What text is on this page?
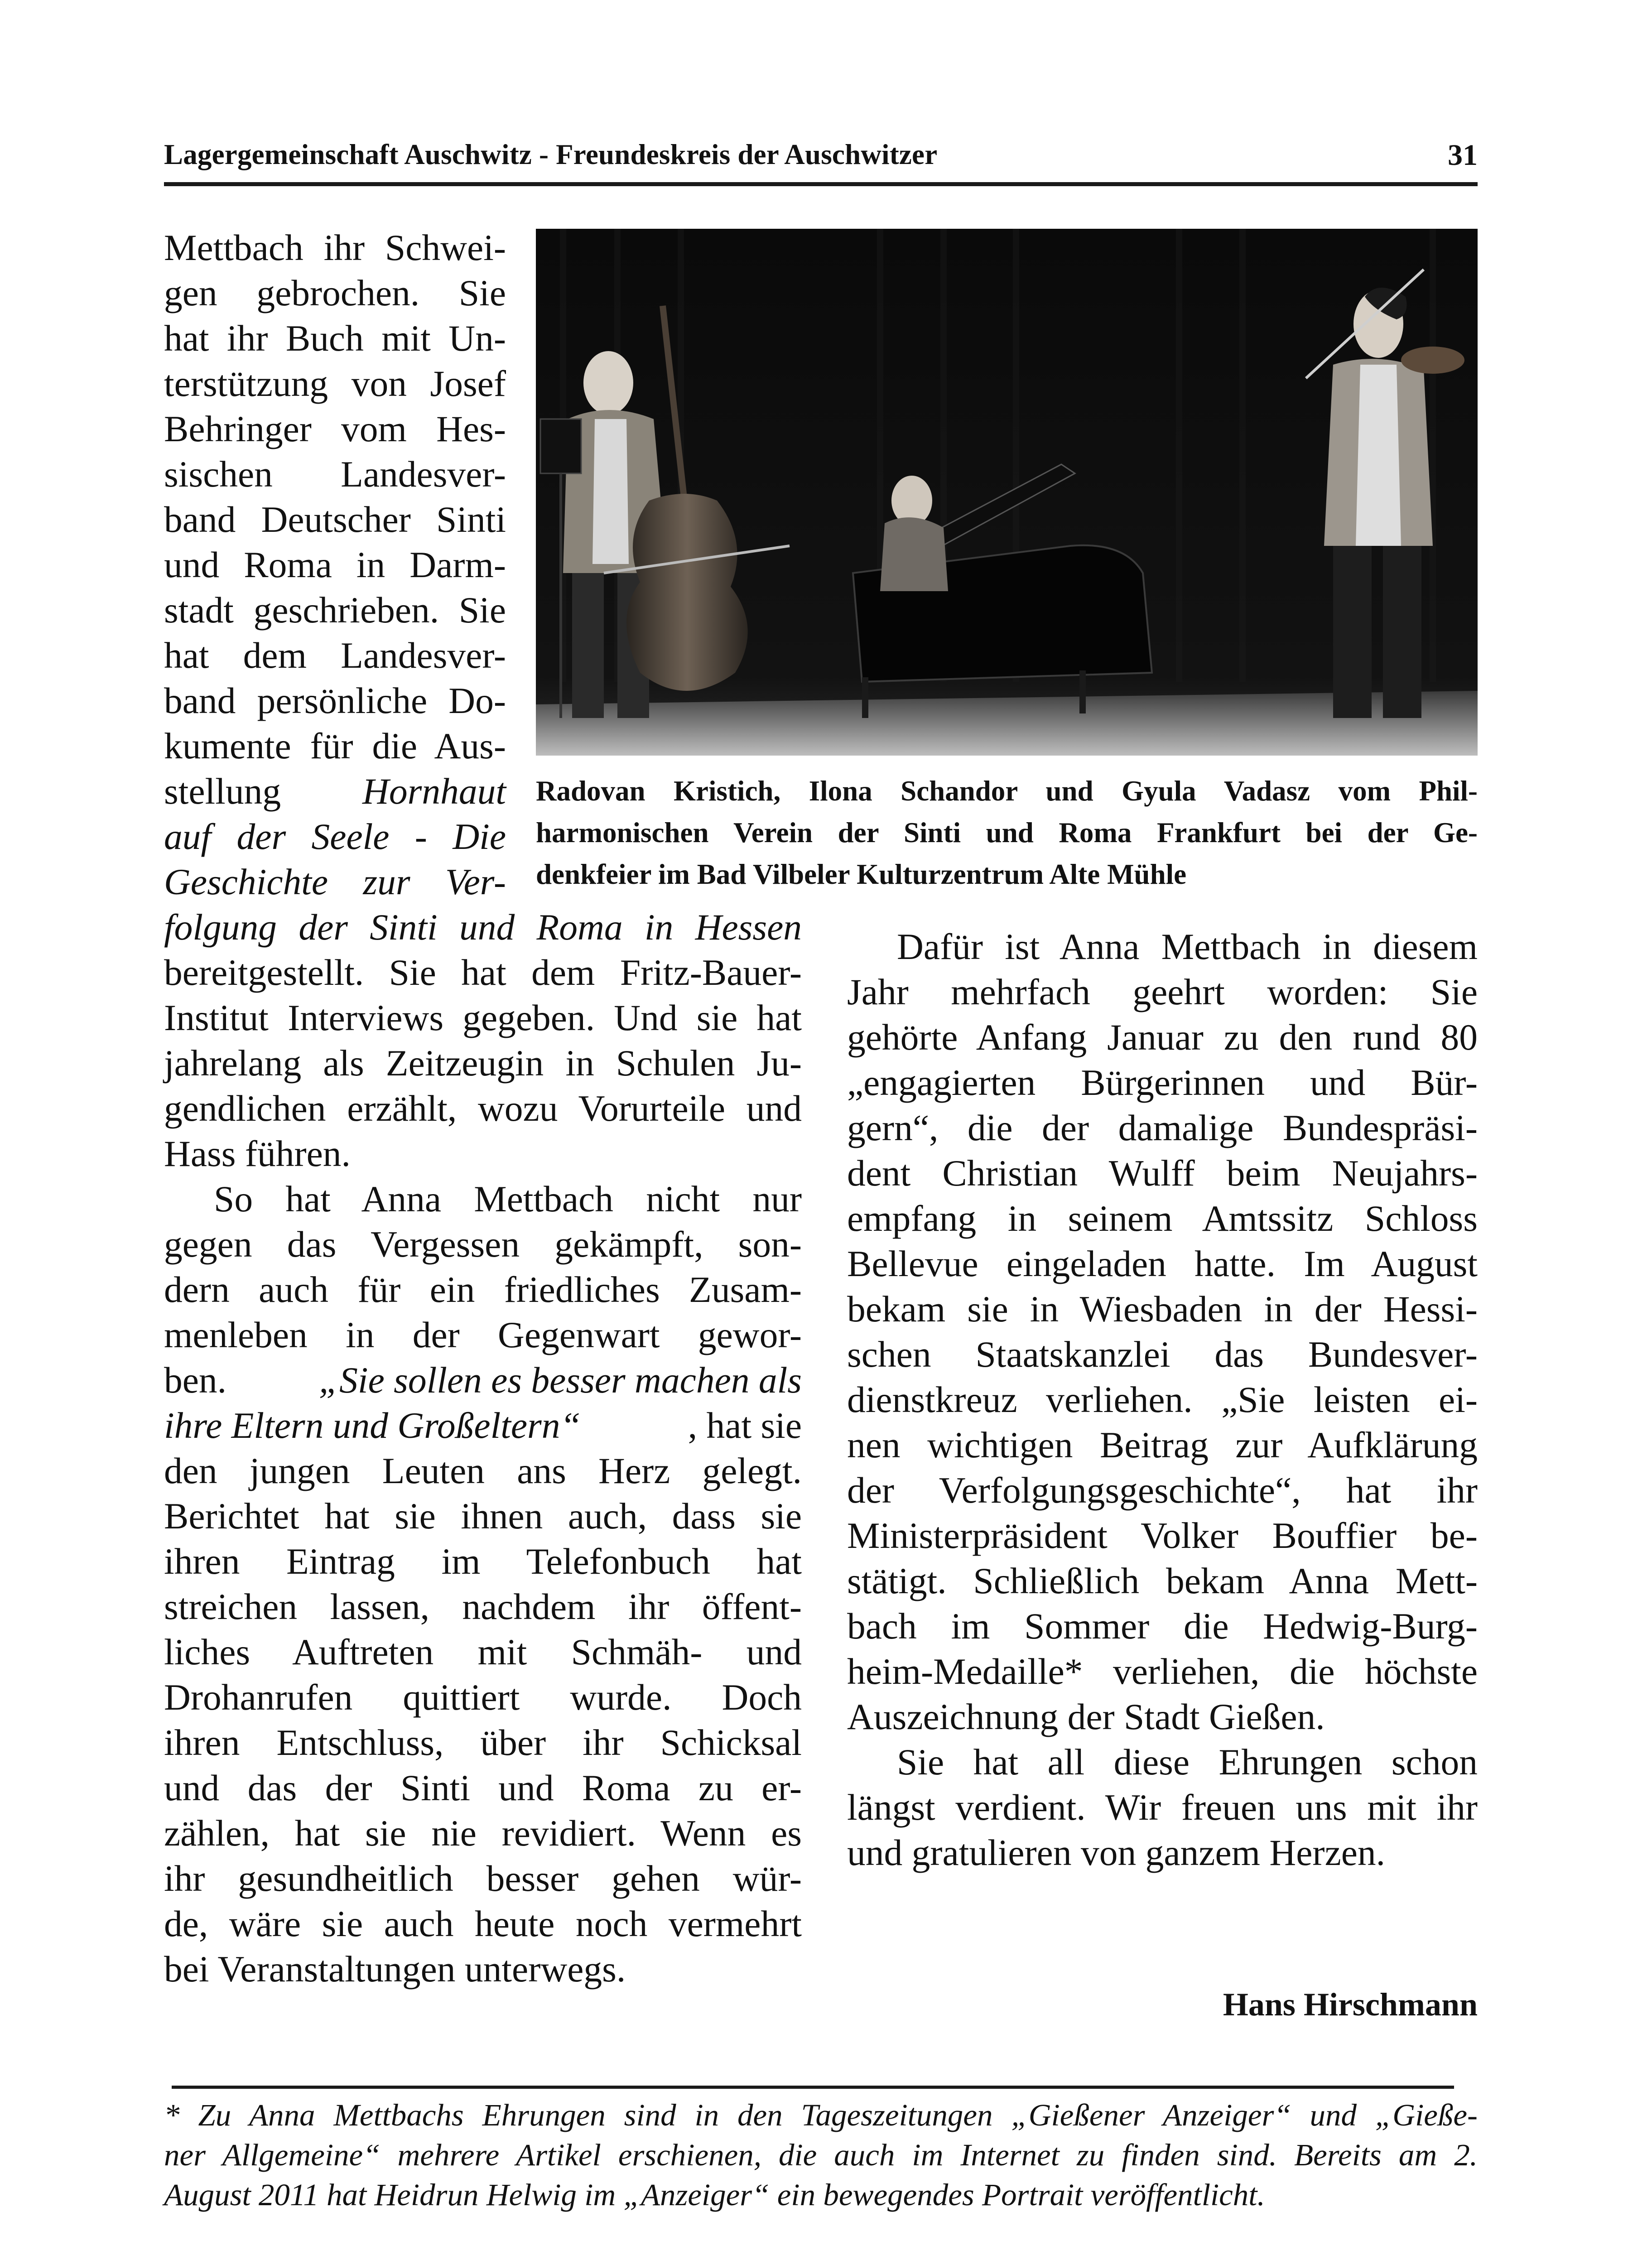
Lagergemeinschaft Auschwitz - Freundeskreis der Auschwitzer	31
Radovan Kristich, Ilona Schandor und Gyula Vadasz vom Phil-
harmonischen Verein der Sinti und Roma Frankfurt bei der Ge-
denkfeier im Bad Vilbeler Kulturzentrum Alte Mühle
Mettbach ihr Schwei-
gen gebrochen. Sie
hat ihr Buch mit Un-
terstützung von Josef
Behringer vom Hes-
sischen Landesver-
band Deutscher Sinti
und Roma in Darm-
stadt geschrieben. Sie
hat dem Landesver-
band persönliche Do-
kumente für die Aus-
stellung Hornhaut
auf der Seele - Die
Geschichte zur Ver-
folgung der Sinti und Roma in Hessen
bereitgestellt. Sie hat dem Fritz-Bauer-
Institut Interviews gegeben. Und sie hat
jahrelang als Zeitzeugin in Schulen Ju-
gendlichen erzählt, wozu Vorurteile und
Hass führen.
So hat Anna Mettbach nicht nur
gegen das Vergessen gekämpft, son-
dern auch für ein friedliches Zusam-
menleben in der Gegenwart gewor-
ben.	„Sie sollen es besser machen als
ihre Eltern und Großeltern“	, hat sie
den jungen Leuten ans Herz gelegt.
Berichtet hat sie ihnen auch, dass sie
ihren Eintrag im Telefonbuch hat
streichen lassen, nachdem ihr öffent-
liches Auftreten mit Schmäh- und
Drohanrufen quittiert wurde. Doch
ihren Entschluss, über ihr Schicksal
und das der Sinti und Roma zu er-
zählen, hat sie nie revidiert. Wenn es
ihr gesundheitlich besser gehen wür-
de, wäre sie auch heute noch vermehrt
bei Veranstaltungen unterwegs.
Dafür ist Anna Mettbach in diesem
Jahr mehrfach geehrt worden: Sie
gehörte Anfang Januar zu den rund 80
„engagierten Bürgerinnen und Bür-
gern“, die der damalige Bundespräsi-
dent Christian Wulff beim Neujahrs-
empfang in seinem Amtssitz Schloss
Bellevue eingeladen hatte. Im August
bekam sie in Wiesbaden in der Hessi-
schen Staatskanzlei das Bundesver-
dienstkreuz verliehen. „Sie leisten ei-
nen wichtigen Beitrag zur Aufklärung
der Verfolgungsgeschichte“, hat ihr
Ministerpräsident Volker Bouffier be-
stätigt. Schließlich bekam Anna Mett-
bach im Sommer die Hedwig-Burg-
heim-Medaille* verliehen, die höchste
Auszeichnung der Stadt Gießen.
Sie hat all diese Ehrungen schon
längst verdient. Wir freuen uns mit ihr
und gratulieren von ganzem Herzen.
Hans Hirschmann
* Zu Anna Mettbachs Ehrungen sind in den Tageszeitungen „Gießener Anzeiger“ und „Gieße-
ner Allgemeine“ mehrere Artikel erschienen, die auch im Internet zu finden sind. Bereits am 2.
August 2011 hat Heidrun Helwig im „Anzeiger“ ein bewegendes Portrait veröffentlicht.
